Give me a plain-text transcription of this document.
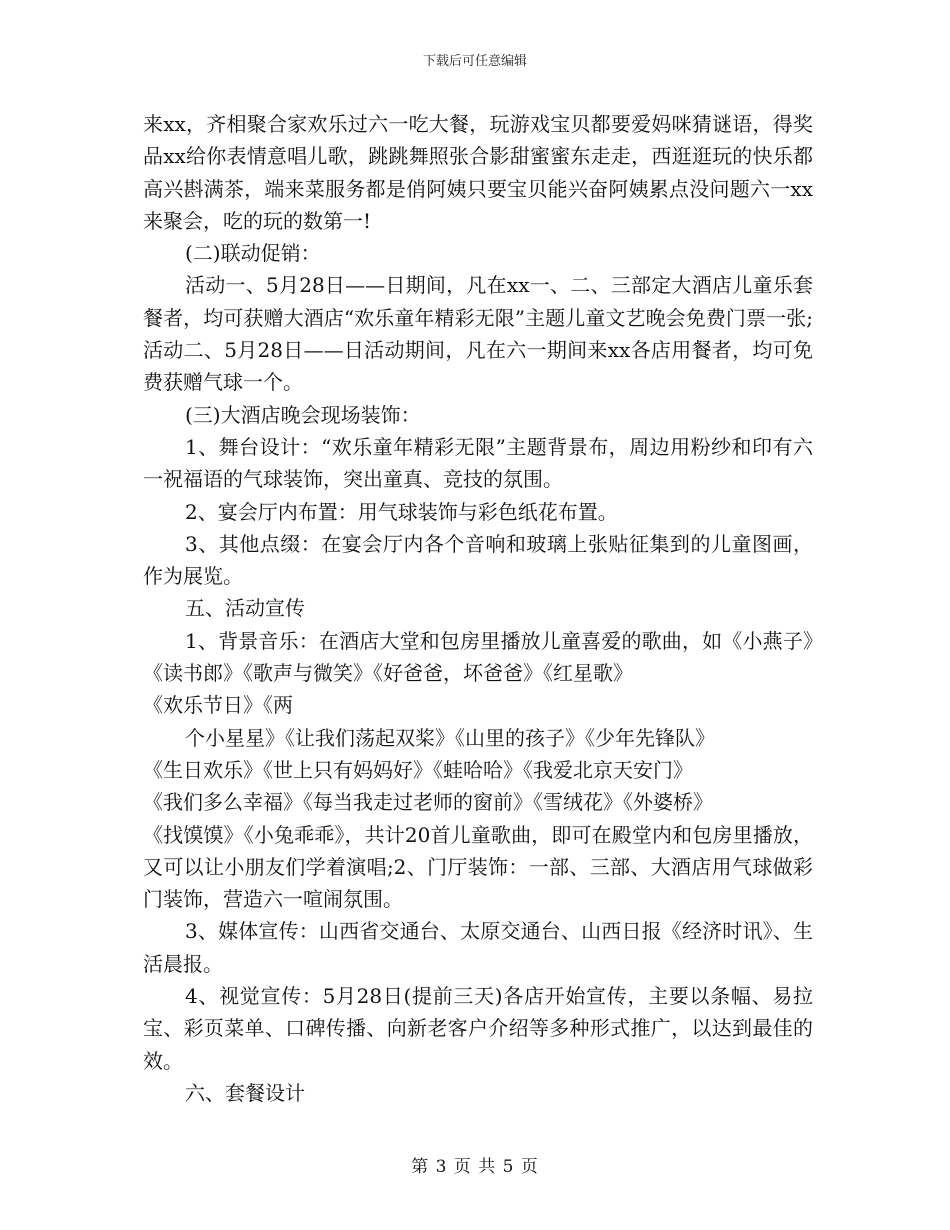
下载后可任意编辑

来xx，齐相聚合家欢乐过六一吃大餐，玩游戏宝贝都要爱妈咪猜谜语，得奖品xx给你表情意唱儿歌，跳跳舞照张合影甜蜜蜜东走走，西逛逛玩的快乐都高兴斟满茶，端来菜服务都是俏阿姨只要宝贝能兴奋阿姨累点没问题六一xx来聚会，吃的玩的数第一!

(二)联动促销：

活动一、5月28日——日期间，凡在xx一、二、三部定大酒店儿童乐套餐者，均可获赠大酒店“欢乐童年精彩无限”主题儿童文艺晚会免费门票一张;活动二、5月28日——日活动期间，凡在六一期间来xx各店用餐者，均可免费获赠气球一个。

(三)大酒店晚会现场装饰：

1、舞台设计：“欢乐童年精彩无限”主题背景布，周边用粉纱和印有六一祝福语的气球装饰，突出童真、竞技的氛围。

2、宴会厅内布置：用气球装饰与彩色纸花布置。

3、其他点缀：在宴会厅内各个音响和玻璃上张贴征集到的儿童图画，作为展览。

五、活动宣传

1、背景音乐：在酒店大堂和包房里播放儿童喜爱的歌曲，如《小燕子》《读书郎》《歌声与微笑》《好爸爸，坏爸爸》《红星歌》

《欢乐节日》《两

个小星星》《让我们荡起双桨》《山里的孩子》《少年先锋队》

《生日欢乐》《世上只有妈妈好》《蛙哈哈》《我爱北京天安门》

《我们多么幸福》《每当我走过老师的窗前》《雪绒花》《外婆桥》

《找馍馍》《小兔乖乖》，共计20首儿童歌曲，即可在殿堂内和包房里播放，又可以让小朋友们学着演唱;2、门厅装饰：一部、三部、大酒店用气球做彩门装饰，营造六一喧闹氛围。

3、媒体宣传：山西省交通台、太原交通台、山西日报《经济时讯》、生活晨报。

4、视觉宣传：5月28日(提前三天)各店开始宣传，主要以条幅、易拉宝、彩页菜单、口碑传播、向新老客户介绍等多种形式推广，以达到最佳的效。

六、套餐设计

第 3 页 共 5 页
